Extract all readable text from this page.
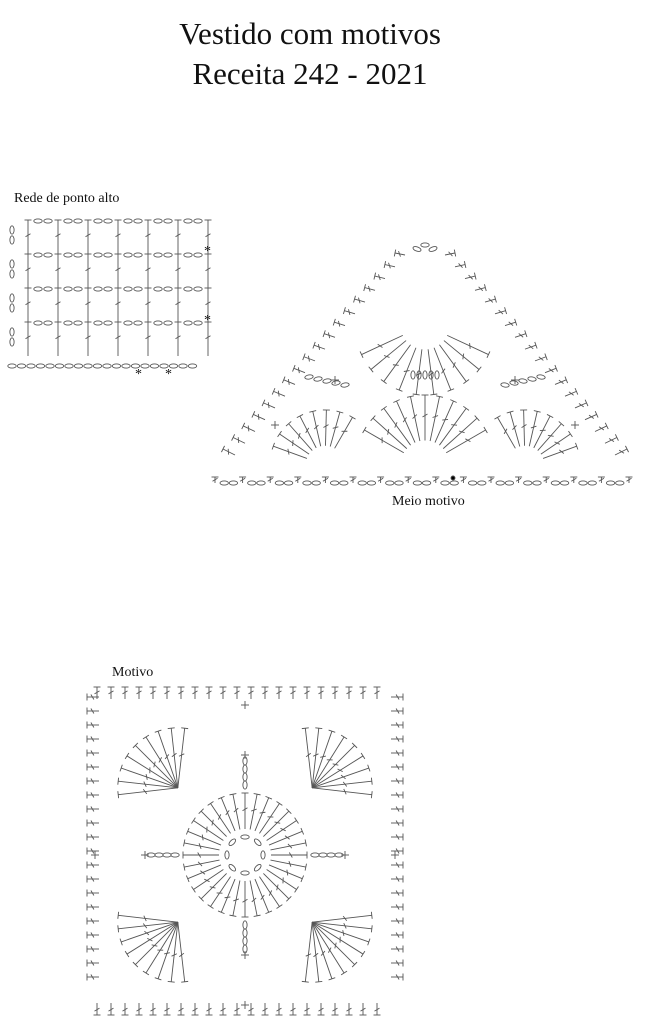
Vestido com motivos
Receita 242 - 2021
Rede de ponto alto
Meio motivo
Motivo
*
*
* *
